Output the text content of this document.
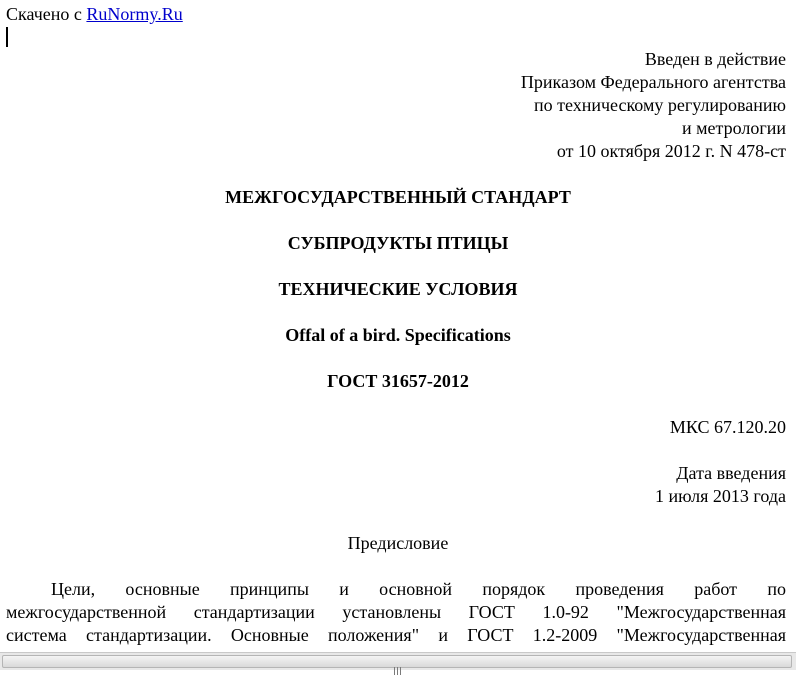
Скачено с RuNormy.Ru
Введен в действие
Приказом Федерального агентства
по техническому регулированию
и метрологии
от 10 октября 2012 г. N 478-ст
МЕЖГОСУДАРСТВЕННЫЙ СТАНДАРТ
СУБПРОДУКТЫ ПТИЦЫ
ТЕХНИЧЕСКИЕ УСЛОВИЯ
Offal of a bird. Specifications
ГОСТ 31657-2012
МКС 67.120.20
Дата введения
1 июля 2013 года
Предисловие
Цели, основные принципы и основной порядок проведения работ по
межгосударственной стандартизации установлены ГОСТ 1.0-92 "Межгосударственная
система стандартизации. Основные положения" и ГОСТ 1.2-2009 "Межгосударственная
